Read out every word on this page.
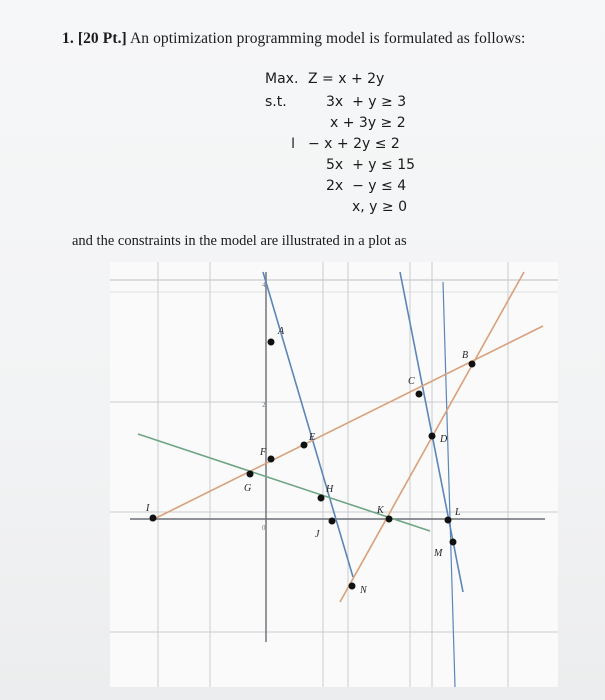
1. [20 Pt.] An optimization programming model is formulated as follows:
Max. Z = x + 2y
s.t.	3x  + y ≥ 3
x + 3y ≥ 2
− x + 2y ≤ 2
5x  + y ≤ 15
2x  − y ≤ 4
x, y ≥ 0
I
and the constraints in the model are illustrated in a plot as
4
2
0
A
B
C
D
E
F
G	H
I
J
K	L
M
N
